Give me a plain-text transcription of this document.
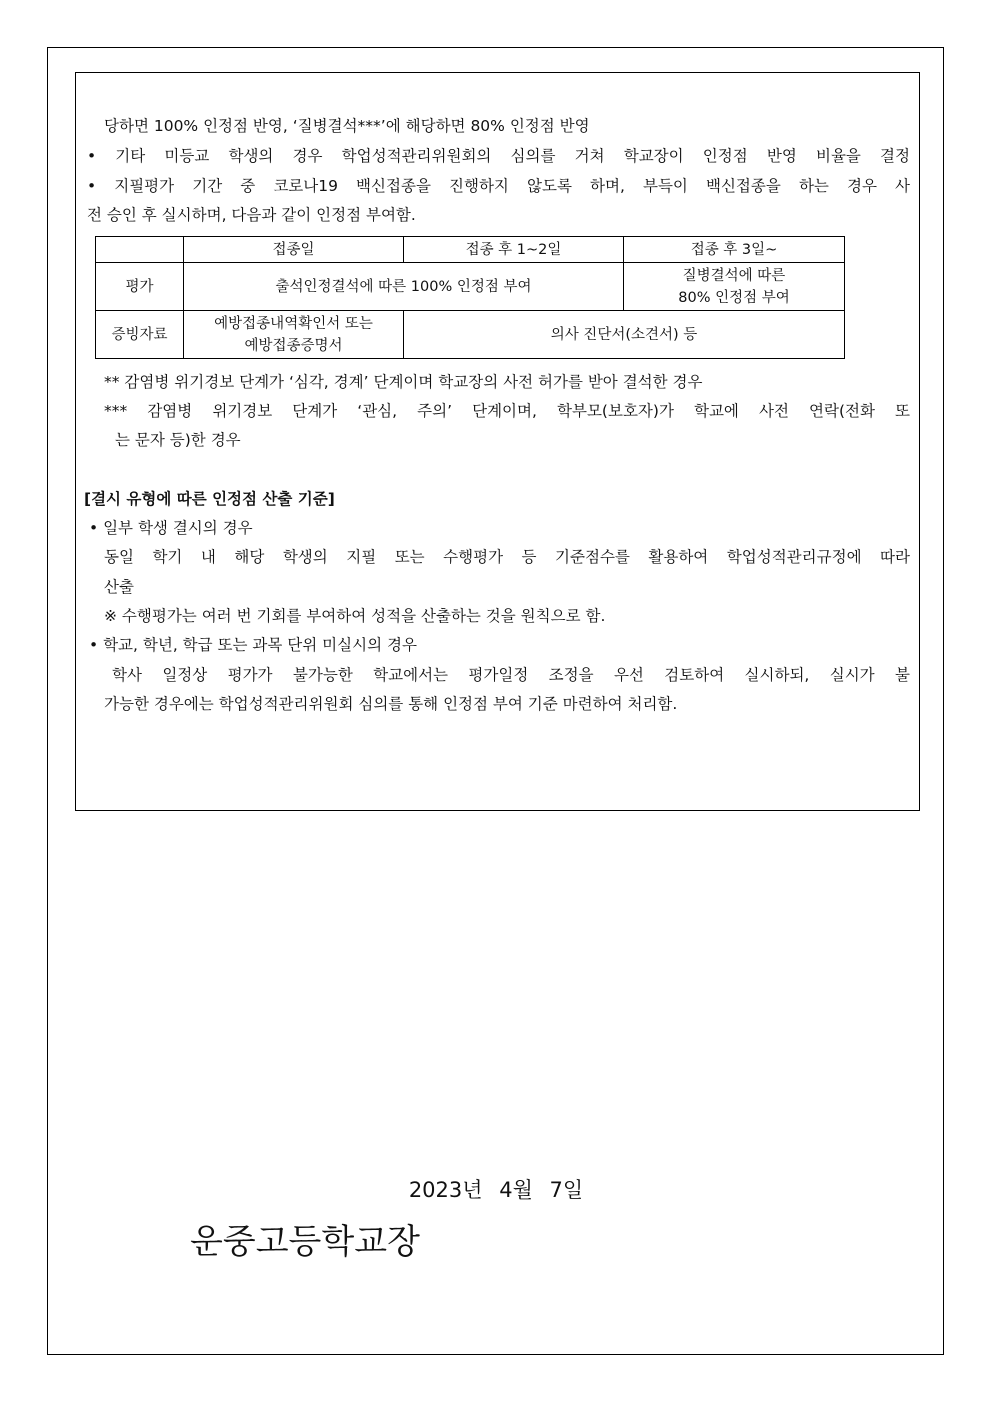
당하면 100% 인정점 반영, ‘질병결석***’에 해당하면 80% 인정점 반영
• 기타 미등교 학생의 경우 학업성적관리위원회의 심의를 거쳐 학교장이 인정점 반영 비율을 결정
• 지필평가 기간 중 코로나19 백신접종을 진행하지 않도록 하며, 부득이 백신접종을 하는 경우 사
전 승인 후 실시하며, 다음과 같이 인정점 부여함.
	접종일	접종 후 1~2일	접종 후 3일~
평가	출석인정결석에 따른 100% 인정점 부여		질병결석에 따른
80% 인정점 부여

증빙자료	예방접종내역확인서 또는
예방접종증명서	의사 진단서(소견서) 등	
** 감염병 위기경보 단계가 ‘심각, 경계’ 단계이며 학교장의 사전 허가를 받아 결석한 경우
*** 감염병 위기경보 단계가 ‘관심, 주의’ 단계이며, 학부모(보호자)가 학교에 사전 연락(전화 또
는 문자 등)한 경우
[결시 유형에 따른 인정점 산출 기준]
• 일부 학생 결시의 경우
동일 학기 내 해당 학생의 지필 또는 수행평가 등 기준점수를 활용하여 학업성적관리규정에 따라
산출
※ 수행평가는 여러 번 기회를 부여하여 성적을 산출하는 것을 원칙으로 함.
• 학교, 학년, 학급 또는 과목 단위 미실시의 경우
학사 일정상 평가가 불가능한 학교에서는 평가일정 조정을 우선 검토하여 실시하되, 실시가 불
가능한 경우에는 학업성적관리위원회 심의를 통해 인정점 부여 기준 마련하여 처리함.
2023년 4월 7일
운중고등학교장
